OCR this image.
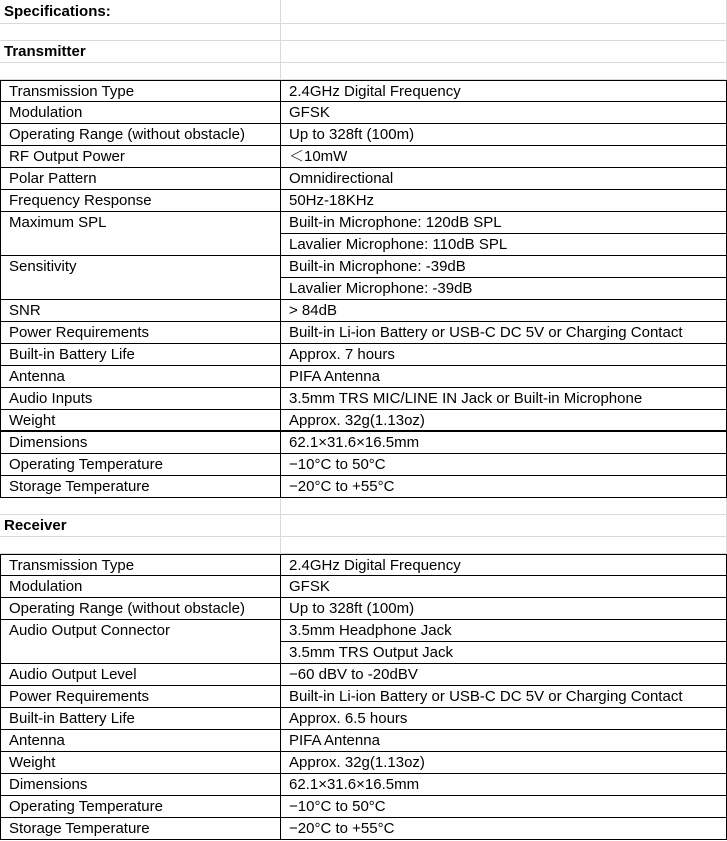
Specifications:
Transmitter
Transmission Type	2.4GHz Digital Frequency
Modulation	GFSK
Operating Range (without obstacle)	Up to 328ft (100m)
RF Output Power	＜10mW
Polar Pattern	Omnidirectional
Frequency Response	50Hz-18KHz
Maximum SPL	Built-in Microphone: 120dB SPL
Lavalier Microphone: 110dB SPL
Sensitivity	Built-in Microphone: -39dB
Lavalier Microphone: -39dB
SNR	> 84dB
Power Requirements	Built-in Li-ion Battery or USB-C DC 5V or Charging Contact
Built-in Battery Life	Approx. 7 hours
Antenna	PIFA Antenna
Audio Inputs	3.5mm TRS MIC/LINE IN Jack or Built-in Microphone
Weight	Approx. 32g(1.13oz)
Dimensions	62.1×31.6×16.5mm
Operating Temperature	−10°C to 50°C
Storage Temperature	−20°C to +55°C
Receiver
Transmission Type	2.4GHz Digital Frequency
Modulation	GFSK
Operating Range (without obstacle)	Up to 328ft (100m)
Audio Output Connector	3.5mm Headphone Jack
3.5mm TRS Output Jack
Audio Output Level	−60 dBV to -20dBV
Power Requirements	Built-in Li-ion Battery or USB-C DC 5V or Charging Contact
Built-in Battery Life	Approx. 6.5 hours
Antenna	PIFA Antenna
Weight	Approx. 32g(1.13oz)
Dimensions	62.1×31.6×16.5mm
Operating Temperature	−10°C to 50°C
Storage Temperature	−20°C to +55°C
